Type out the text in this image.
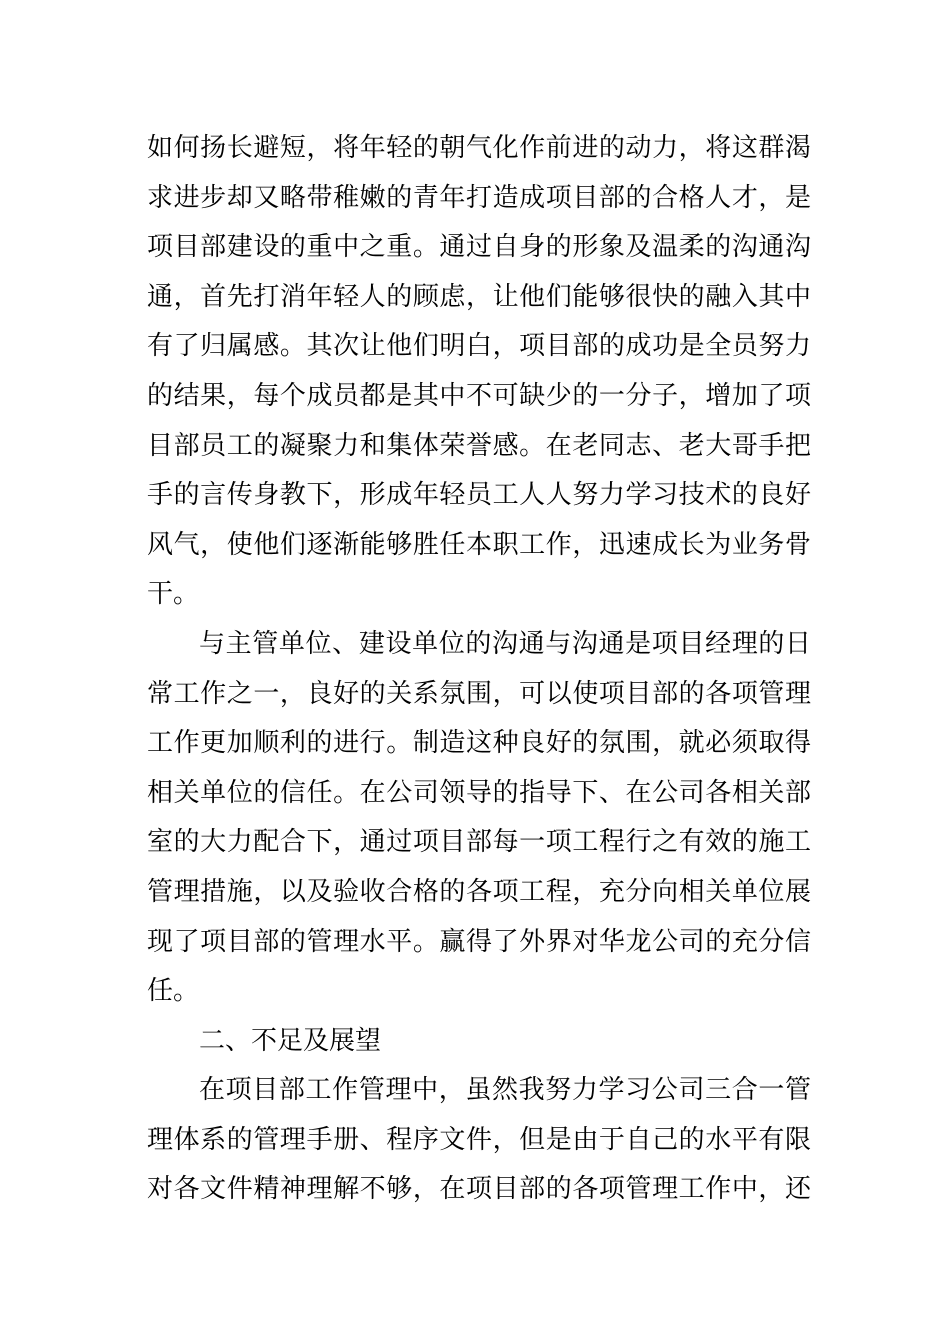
如何扬长避短，将年轻的朝气化作前进的动力，将这群渴
求进步却又略带稚嫩的青年打造成项目部的合格人才，是
项目部建设的重中之重。通过自身的形象及温柔的沟通沟
通，首先打消年轻人的顾虑，让他们能够很快的融入其中
有了归属感。其次让他们明白，项目部的成功是全员努力
的结果，每个成员都是其中不可缺少的一分子，增加了项
目部员工的凝聚力和集体荣誉感。在老同志、老大哥手把
手的言传身教下，形成年轻员工人人努力学习技术的良好
风气，使他们逐渐能够胜任本职工作，迅速成长为业务骨
干。
与主管单位、建设单位的沟通与沟通是项目经理的日
常工作之一，良好的关系氛围，可以使项目部的各项管理
工作更加顺利的进行。制造这种良好的氛围，就必须取得
相关单位的信任。在公司领导的指导下、在公司各相关部
室的大力配合下，通过项目部每一项工程行之有效的施工
管理措施，以及验收合格的各项工程，充分向相关单位展
现了项目部的管理水平。赢得了外界对华龙公司的充分信
任。
二、不足及展望
在项目部工作管理中，虽然我努力学习公司三合一管
理体系的管理手册、程序文件，但是由于自己的水平有限
对各文件精神理解不够，在项目部的各项管理工作中，还
